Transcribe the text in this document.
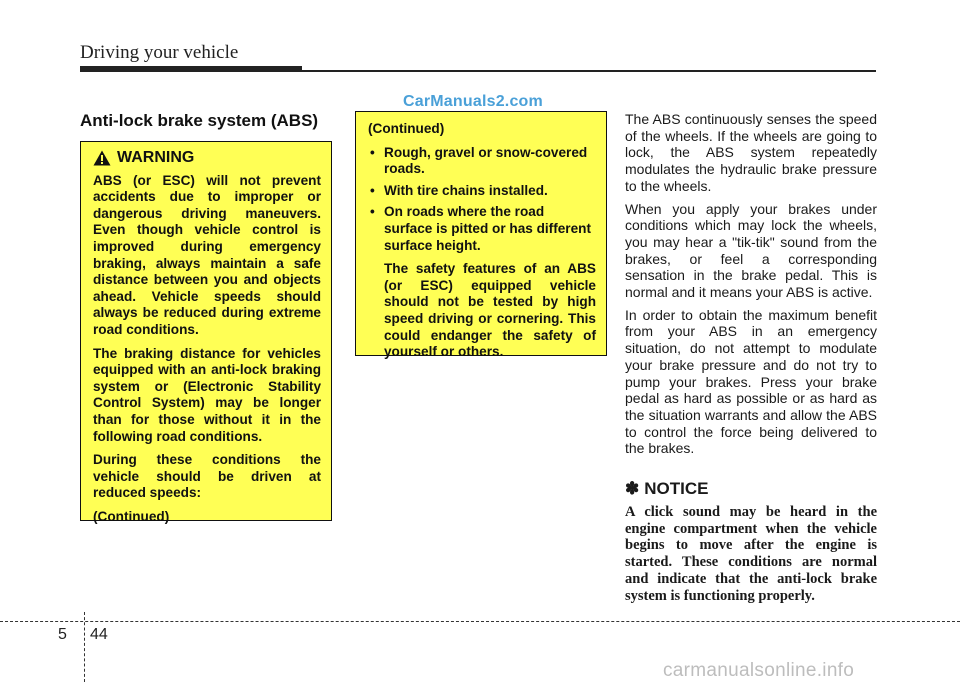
Driving your vehicle
CarManuals2.com
Anti-lock brake system (ABS)
WARNING

ABS (or ESC) will not prevent accidents due to improper or dangerous driving maneuvers. Even though vehicle control is improved during emergency braking, always maintain a safe distance between you and objects ahead. Vehicle speeds should always be reduced during extreme road conditions.

The braking distance for vehicles equipped with an anti-lock braking system or (Electronic Stability Control System) may be longer than for those without it in the following road conditions.

During these conditions the vehicle should be driven at reduced speeds:

(Continued)

(Continued)

• Rough, gravel or snow-covered roads.
• With tire chains installed.
• On roads where the road surface is pitted or has different surface height.

The safety features of an ABS (or ESC) equipped vehicle should not be tested by high speed driving or cornering. This could endanger the safety of yourself or others.

The ABS continuously senses the speed of the wheels. If the wheels are going to lock, the ABS system repeatedly modulates the hydraulic brake pressure to the wheels.

When you apply your brakes under conditions which may lock the wheels, you may hear a "tik-tik" sound from the brakes, or feel a corresponding sensation in the brake pedal. This is normal and it means your ABS is active.

In order to obtain the maximum benefit from your ABS in an emergency situation, do not attempt to modulate your brake pressure and do not try to pump your brakes. Press your brake pedal as hard as possible or as hard as the situation warrants and allow the ABS to control the force being delivered to the brakes.

✽ NOTICE

A click sound may be heard in the engine compartment when the vehicle begins to move after the engine is started. These conditions are normal and indicate that the anti-lock brake system is functioning properly.

5 44
carmanualsonline.info
